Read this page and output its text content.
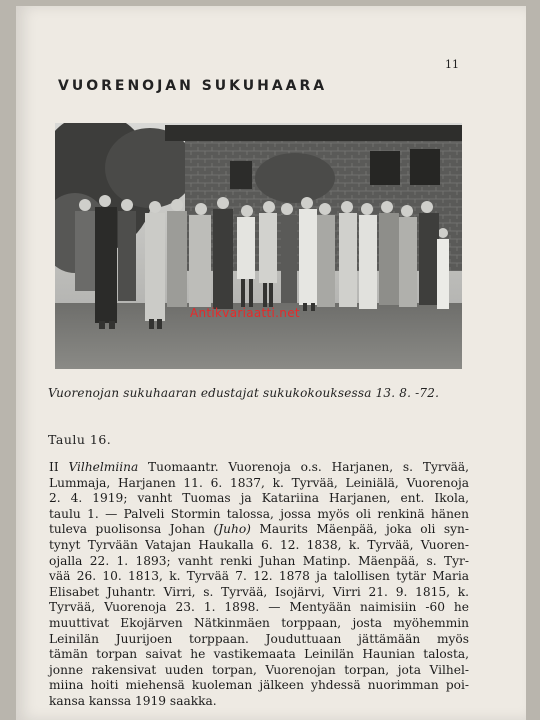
11
VUORENOJAN SUKUHAARA
Antikvariaatti.net

Vuorenojan sukuhaaran edustajat sukukokouksessa 13. 8. -72.

Taulu 16.
II Vilhelmiina Tuomaantr. Vuorenoja o.s. Harjanen, s. Tyrvää,
Lummaja, Harjanen 11. 6. 1837, k. Tyrvää, Leiniälä, Vuorenoja
2. 4. 1919; vanht Tuomas ja Katariina Harjanen, ent. Ikola,
taulu 1. — Palveli Stormin talossa, jossa myös oli renkinä hänen
tuleva puolisonsa Johan (Juho) Maurits Mäenpää, joka oli syn-
tynyt Tyrvään Vatajan Haukalla 6. 12. 1838, k. Tyrvää, Vuoren-
ojalla 22. 1. 1893; vanht renki Juhan Matinp. Mäenpää, s. Tyr-
vää 26. 10. 1813, k. Tyrvää 7. 12. 1878 ja talollisen tytär Maria
Elisabet Juhantr. Virri, s. Tyrvää, Isojärvi, Virri 21. 9. 1815, k.
Tyrvää, Vuorenoja 23. 1. 1898. — Mentyään naimisiin -60 he
muuttivat Ekojärven Nätkinmäen torppaan, josta myöhemmin
Leinilän Juurijoen torppaan. Jouduttuaan jättämään myös
tämän torpan saivat he vastikemaata Leinilän Haunian talosta,
jonne rakensivat uuden torpan, Vuorenojan torpan, jota Vilhel-
miina hoiti miehensä kuoleman jälkeen yhdessä nuorimman poi-
kansa kanssa 1919 saakka.
